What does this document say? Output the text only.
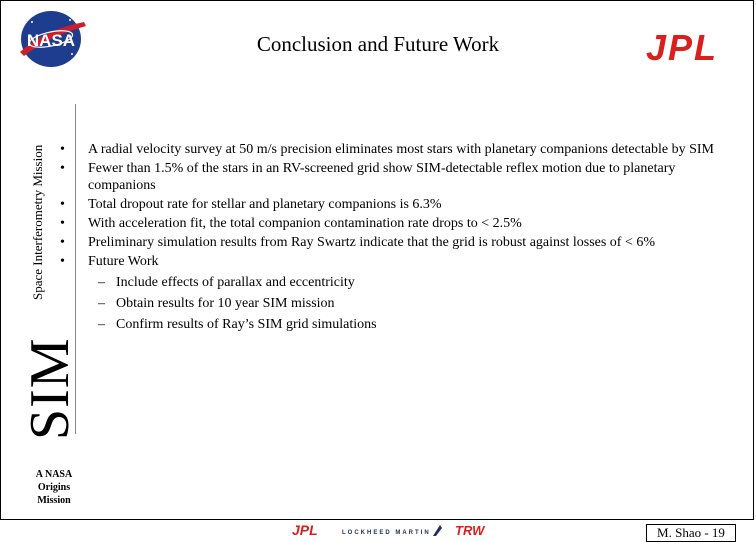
NASA	JPL
Conclusion and Future Work
SIM
Space Interferometry Mission
A NASA
Origins
Mission
•	A radial velocity survey at 50 m/s precision eliminates most stars with planetary companions detectable by SIM
•	Fewer than 1.5% of the stars in an RV-screened grid show SIM-detectable reflex motion due to planetary companions
•	Total dropout rate for stellar and planetary companions is 6.3%
•	With acceleration fit, the total companion contamination rate drops to < 2.5%
•	Preliminary simulation results from Ray Swartz indicate that the grid is robust against losses of < 6%
•	Future Work
– Include effects of parallax and eccentricity
– Obtain results for 10 year SIM mission
– Confirm results of Ray’s SIM grid simulations
JPL	LOCKHEED MARTIN TRW	M. Shao - 19
